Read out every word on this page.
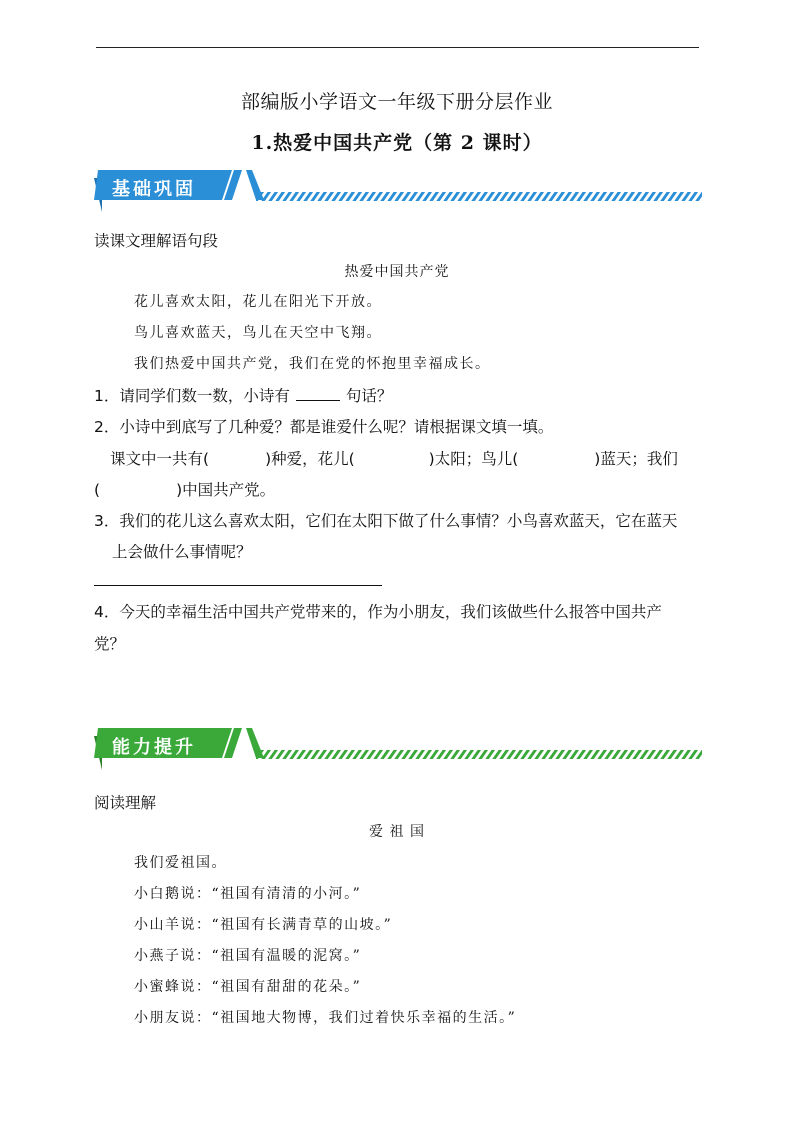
部编版小学语文一年级下册分层作业
1.热爱中国共产党（第 2 课时）
基础巩固
读课文理解语句段
热爱中国共产党
花儿喜欢太阳，花儿在阳光下开放。
鸟儿喜欢蓝天，鸟儿在天空中飞翔。
我们热爱中国共产党，我们在党的怀抱里幸福成长。
1．请同学们数一数，小诗有	句话？
2．小诗中到底写了几种爱？都是谁爱什么呢？请根据课文填一填。
课文中一共有(	)种爱，花儿(	)太阳；鸟儿(	)蓝天；我们
(	)中国共产党。
3．我们的花儿这么喜欢太阳，它们在太阳下做了什么事情？小鸟喜欢蓝天，它在蓝天
上会做什么事情呢？
4．今天的幸福生活中国共产党带来的，作为小朋友，我们该做些什么报答中国共产
党？
能力提升
阅读理解
爱 祖 国
我们爱祖国。
小白鹅说：“祖国有清清的小河。”
小山羊说：“祖国有长满青草的山坡。”
小燕子说：“祖国有温暖的泥窝。”
小蜜蜂说：“祖国有甜甜的花朵。”
小朋友说：“祖国地大物博，我们过着快乐幸福的生活。”
